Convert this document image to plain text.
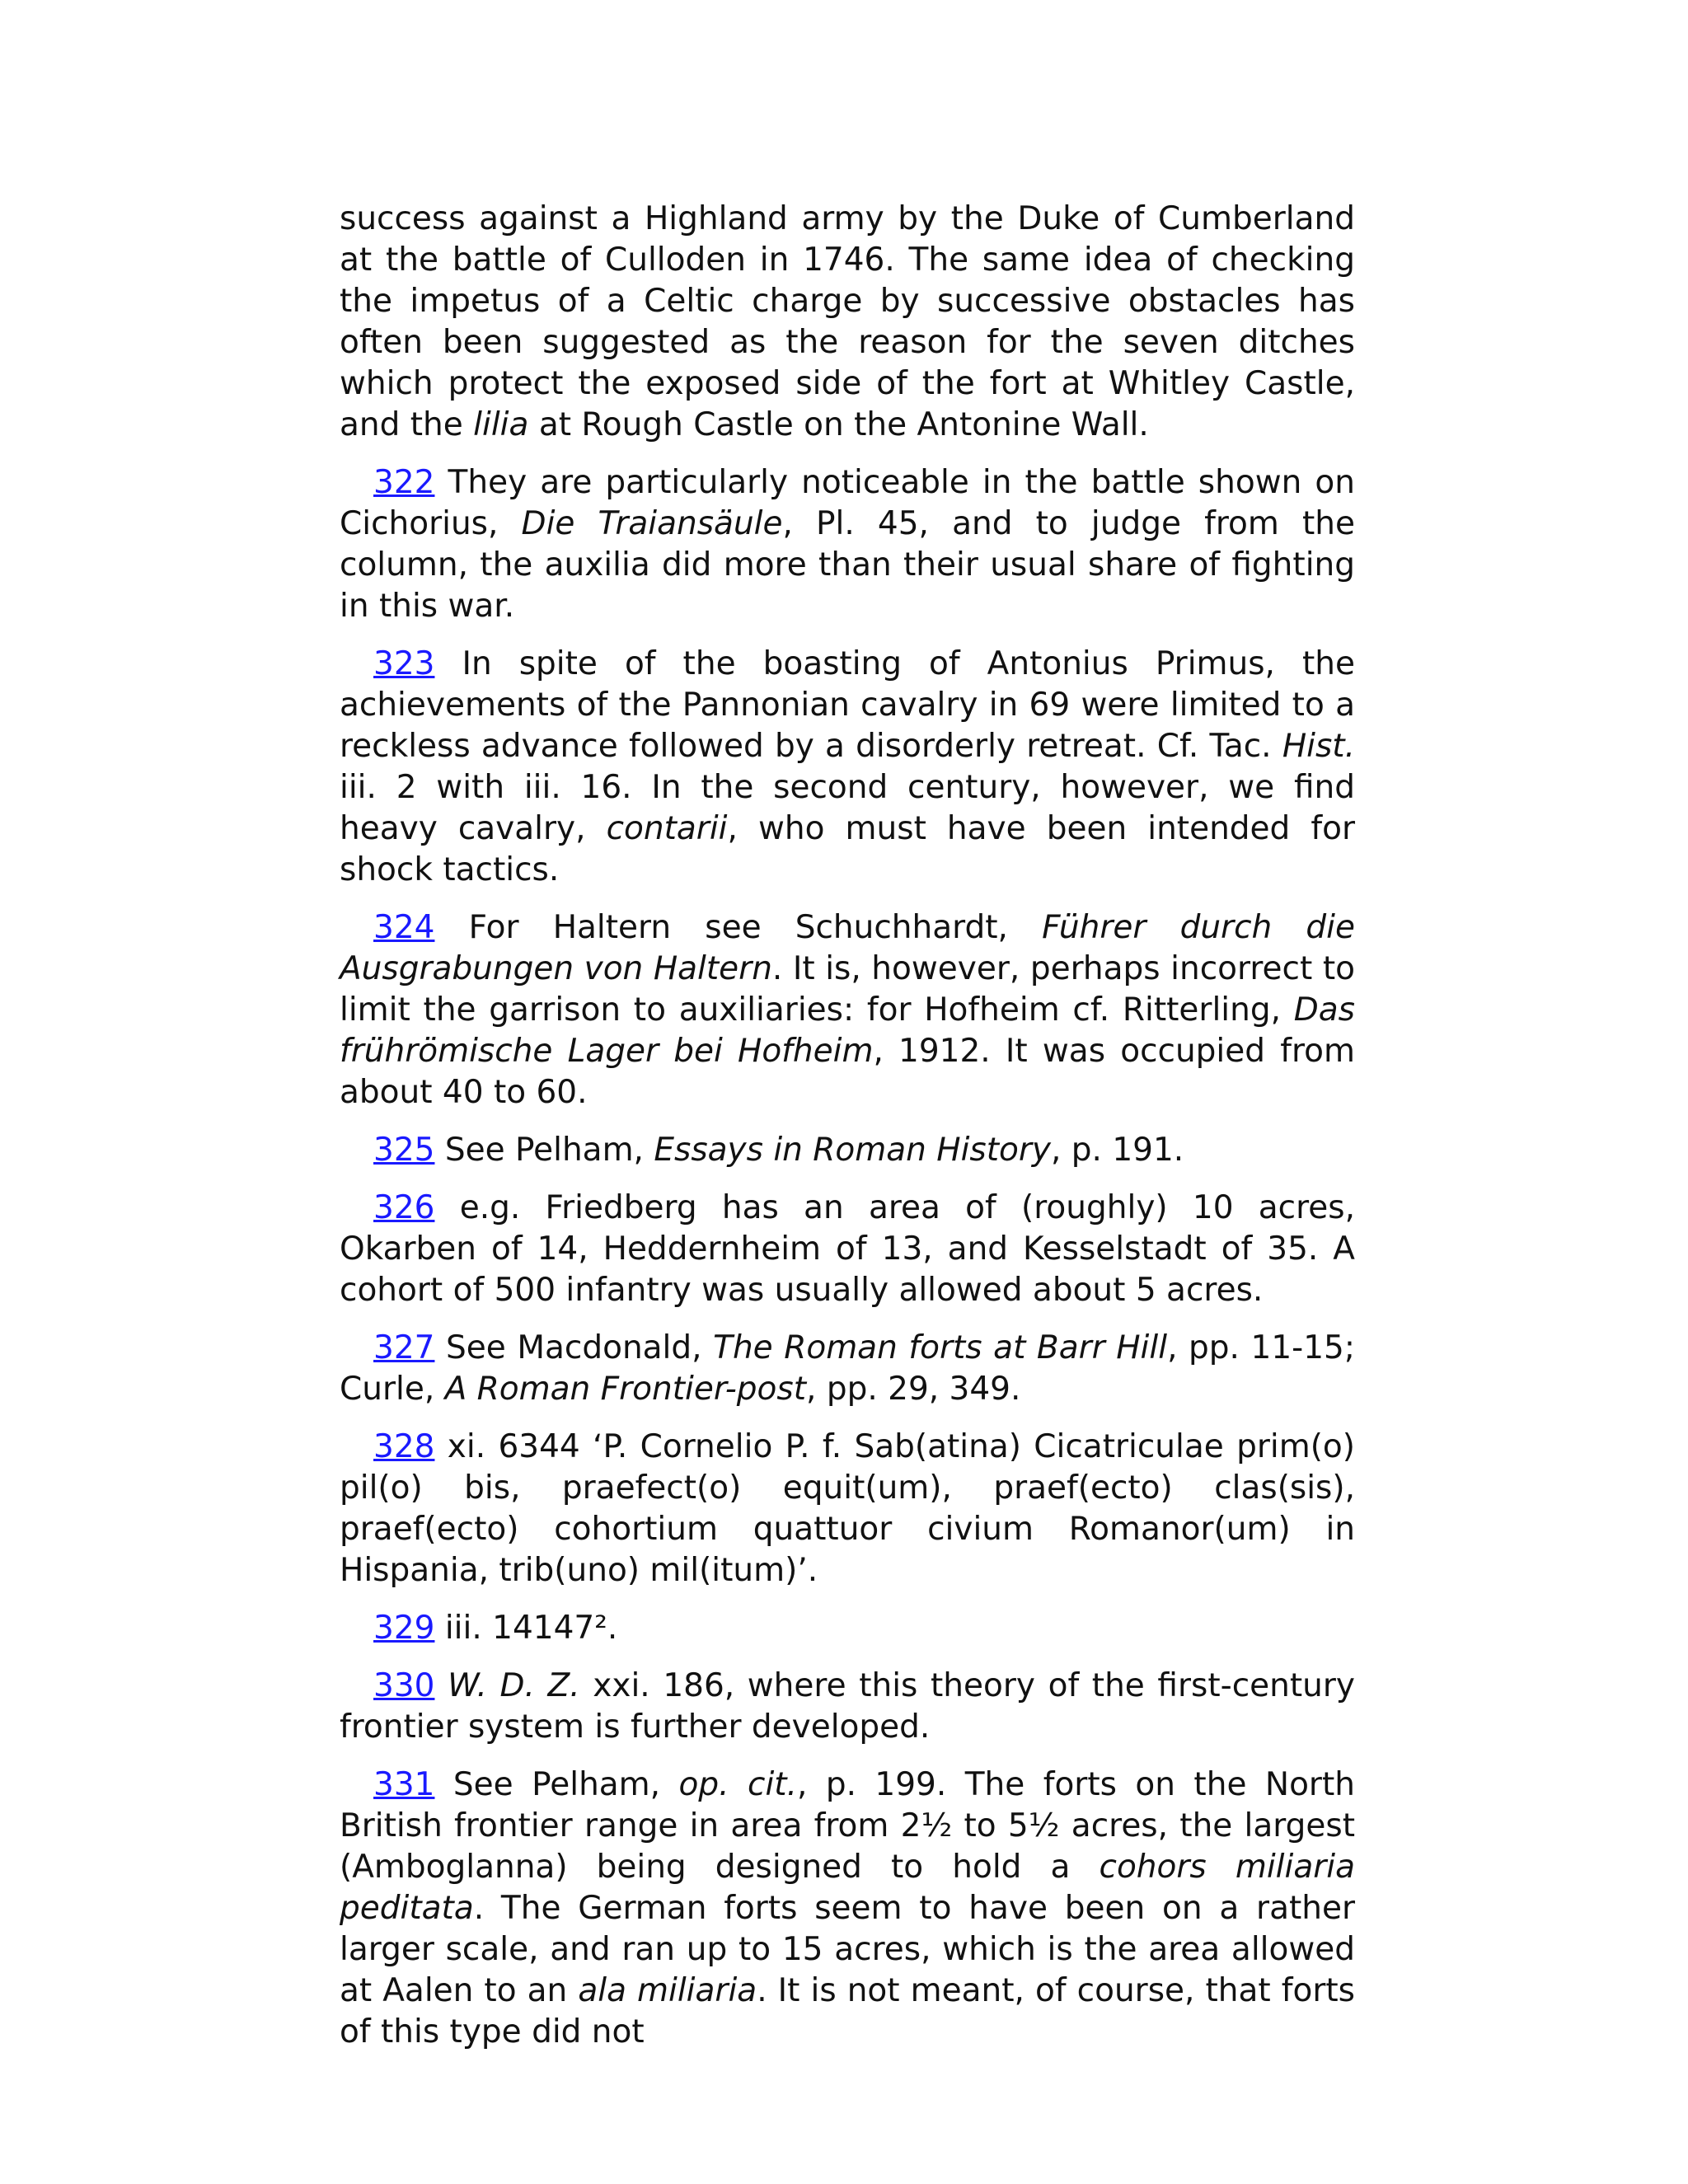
success against a Highland army by the Duke of Cumberland at the battle of Culloden in 1746. The same idea of checking the impetus of a Celtic charge by successive obstacles has often been suggested as the reason for the seven ditches which protect the exposed side of the fort at Whitley Castle, and the lilia at Rough Castle on the Antonine Wall.

322 They are particularly noticeable in the battle shown on Cichorius, Die Traiansäule, Pl. 45, and to judge from the column, the auxilia did more than their usual share of fighting in this war.

323 In spite of the boasting of Antonius Primus, the achievements of the Pannonian cavalry in 69 were limited to a reckless advance followed by a disorderly retreat. Cf. Tac. Hist. iii. 2 with iii. 16. In the second century, however, we find heavy cavalry, contarii, who must have been intended for shock tactics.

324 For Haltern see Schuchhardt, Führer durch die Ausgrabungen von Haltern. It is, however, perhaps incorrect to limit the garrison to auxiliaries: for Hofheim cf. Ritterling, Das frührömische Lager bei Hofheim, 1912. It was occupied from about 40 to 60.

325 See Pelham, Essays in Roman History, p. 191.

326 e.g. Friedberg has an area of (roughly) 10 acres, Okarben of 14, Heddernheim of 13, and Kesselstadt of 35. A cohort of 500 infantry was usually allowed about 5 acres.

327 See Macdonald, The Roman forts at Barr Hill, pp. 11-15; Curle, A Roman Frontier-post, pp. 29, 349.

328 xi. 6344 ‘P. Cornelio P. f. Sab(atina) Cicatriculae prim(o) pil(o) bis, praefect(o) equit(um), praef(ecto) clas(sis), praef(ecto) cohortium quattuor civium Romanor(um) in Hispania, trib(uno) mil(itum)’.

329 iii. 14147².

330 W. D. Z. xxi. 186, where this theory of the first-century frontier system is further developed.

331 See Pelham, op. cit., p. 199. The forts on the North British frontier range in area from 2½ to 5½ acres, the largest (Amboglanna) being designed to hold a cohors miliaria peditata. The German forts seem to have been on a rather larger scale, and ran up to 15 acres, which is the area allowed at Aalen to an ala miliaria. It is not meant, of course, that forts of this type did not
